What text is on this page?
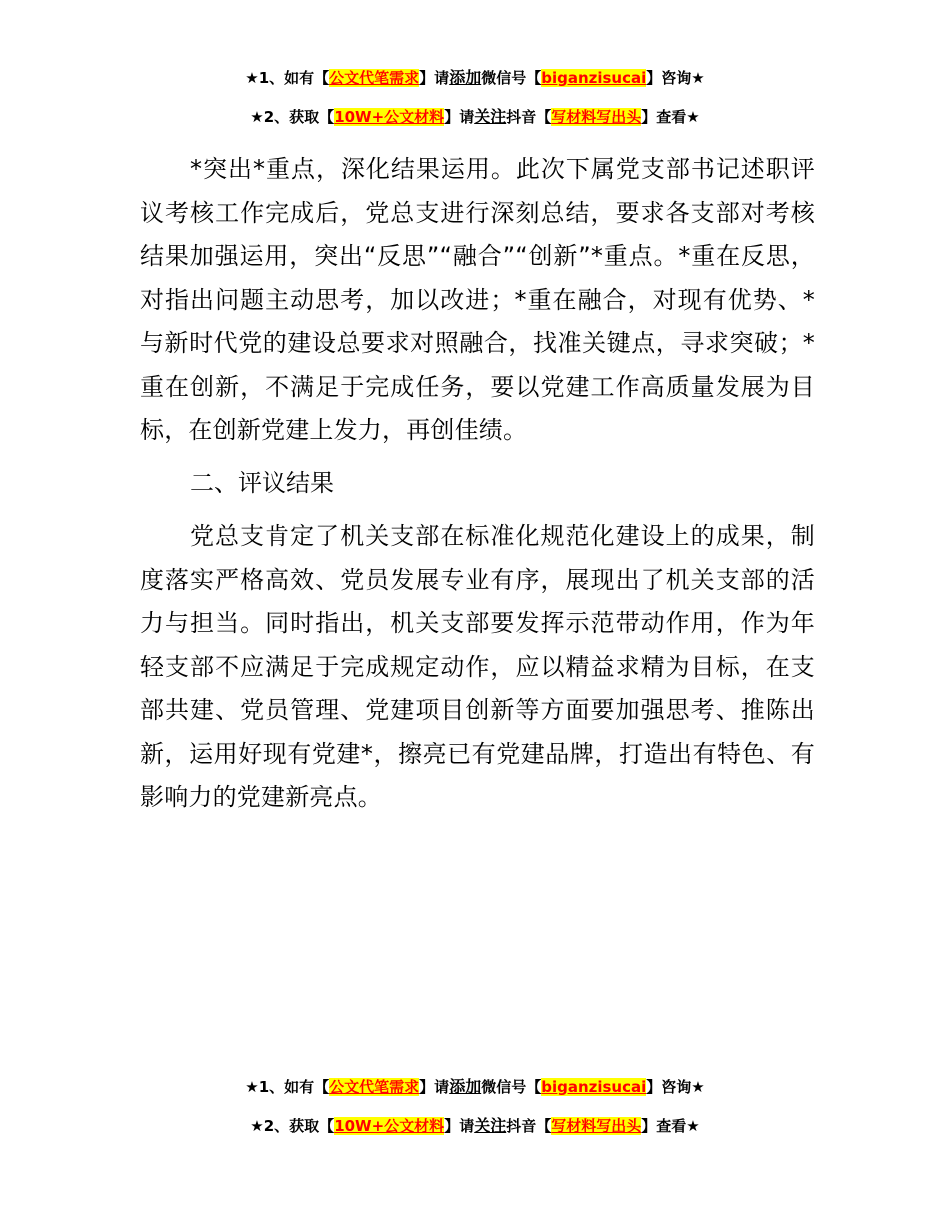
★1、如有【公文代笔需求】请添加微信号【biganzisucai】咨询★
★2、获取【10W+公文材料】请关注抖音【写材料写出头】查看★

*突出*重点，深化结果运用。此次下属党支部书记述职评议考核工作完成后，党总支进行深刻总结，要求各支部对考核结果加强运用，突出“反思”“融合”“创新”*重点。*重在反思，对指出问题主动思考，加以改进；*重在融合，对现有优势、*与新时代党的建设总要求对照融合，找准关键点，寻求突破；*重在创新，不满足于完成任务，要以党建工作高质量发展为目标，在创新党建上发力，再创佳绩。

二、评议结果

党总支肯定了机关支部在标准化规范化建设上的成果，制度落实严格高效、党员发展专业有序，展现出了机关支部的活力与担当。同时指出，机关支部要发挥示范带动作用，作为年轻支部不应满足于完成规定动作，应以精益求精为目标，在支部共建、党员管理、党建项目创新等方面要加强思考、推陈出新，运用好现有党建*，擦亮已有党建品牌，打造出有特色、有影响力的党建新亮点。

★1、如有【公文代笔需求】请添加微信号【biganzisucai】咨询★
★2、获取【10W+公文材料】请关注抖音【写材料写出头】查看★
